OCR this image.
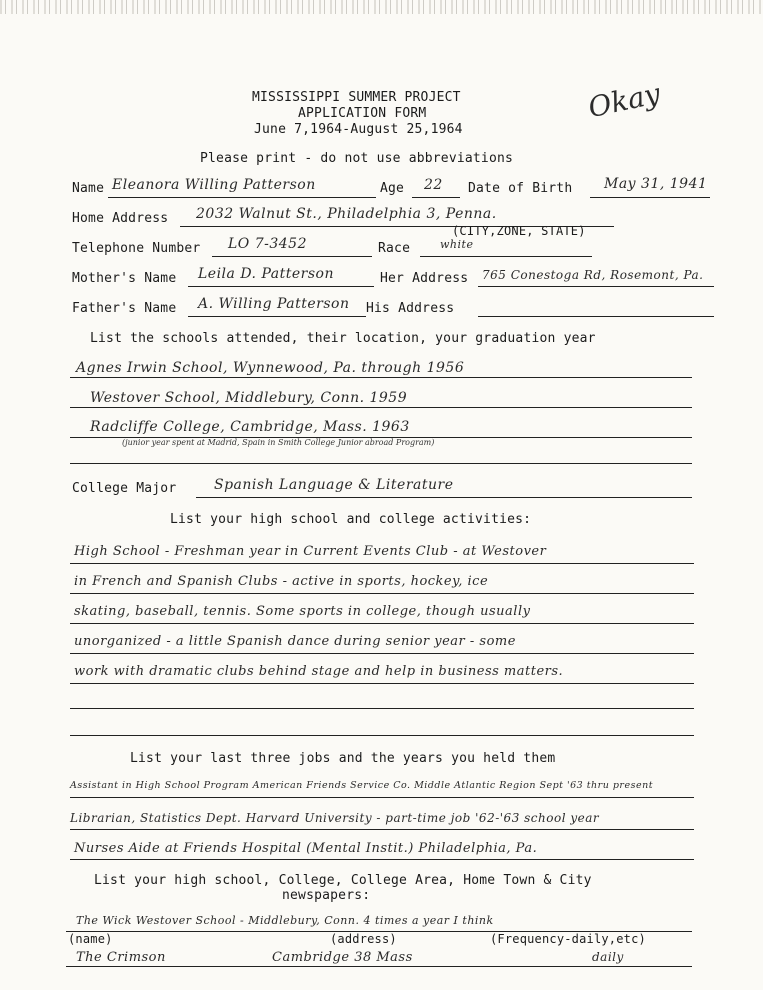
MISSISSIPPI SUMMER PROJECT
APPLICATION FORM
June 7,1964-August 25,1964
Okay
Please print - do not use abbreviations
Name Eleanora Willing Patterson	Age 22 Date of Birth May 31, 1941
Home Address 2032 Walnut St., Philadelphia 3, Penna.
(CITY,ZONE, STATE)
Telephone Number LO 7-3452	Race	white
Mother's Name Leila D. Patterson	Her Address 765 Conestoga Rd, Rosemont, Pa.
Father's Name A. Willing Patterson His Address
List the schools attended, their location, your graduation year
Agnes Irwin School, Wynnewood, Pa. through 1956
Westover School, Middlebury, Conn. 1959
Radcliffe College, Cambridge, Mass. 1963
(junior year spent at Madrid, Spain in Smith College Junior abroad Program)
College Major	Spanish Language & Literature
List your high school and college activities:
High School - Freshman year in Current Events Club - at Westover
in French and Spanish Clubs - active in sports, hockey, ice
skating, baseball, tennis. Some sports in college, though usually
unorganized - a little Spanish dance during senior year - some
work with dramatic clubs behind stage and help in business matters.
List your last three jobs and the years you held them
Assistant in High School Program American Friends Service Co. Middle Atlantic Region Sept '63 thru present
Librarian, Statistics Dept. Harvard University - part-time job '62-'63 school year
Nurses Aide at Friends Hospital (Mental Instit.) Philadelphia, Pa.
List your high school, College, College Area, Home Town & City
newspapers:
The Wick Westover School - Middlebury, Conn. 4 times a year I think
(name)	(address)	(Frequency-daily,etc)
The Crimson	Cambridge 38 Mass	daily
